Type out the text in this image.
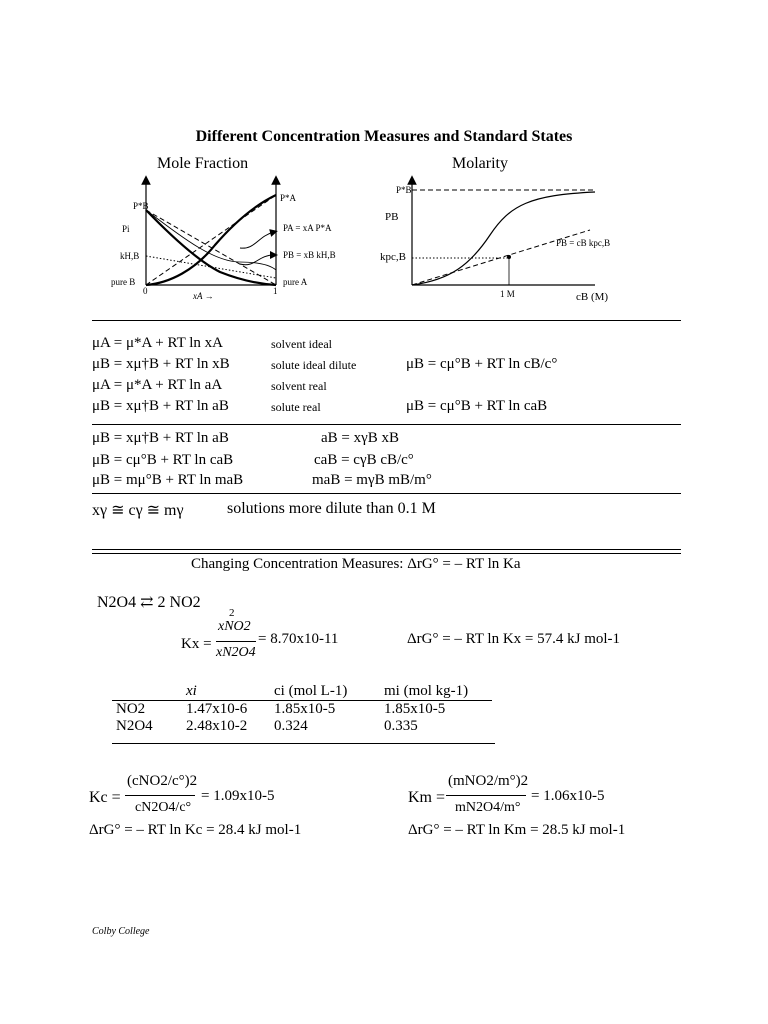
Different Concentration Measures and Standard States
Mole Fraction	Molarity
P*B
P*A
Pi
kH,B
pure B	pure A
0	1
xA →
PA = xA P*A
PB = xB kH,B
P*B
PB
kpc,B
PB = cB kpc,B
1 M	cB (M)
μA = μ*A + RT ln xA	solvent ideal
μB = xμ†B + RT ln xB	solute ideal dilute	μB = cμ°B + RT ln cB/c°
μA = μ*A + RT ln aA	solvent real
μB = xμ†B + RT ln aB	solute real	μB = cμ°B + RT ln caB
μB = xμ†B + RT ln aB	aB = xγB xB
μB = cμ°B + RT ln caB	caB = cγB cB/c°
μB = mμ°B + RT ln maB	maB = mγB mB/m°
xγ ≅ cγ ≅ mγ	solutions more dilute than 0.1 M
Changing Concentration Measures: ΔrG° = – RT ln Ka
N2O4 ⇄ 2 NO2
Kx =
2
xNO2
xN2O4
= 8.70x10-11	ΔrG° = – RT ln Kx = 57.4 kJ mol-1
	xi	ci (mol L-1)	mi (mol kg-1)
NO2	1.47x10-6	1.85x10-5	1.85x10-5
N2O4	2.48x10-2	0.324	0.335
Kc =
(cNO2/c°)2
cN2O4/c°
= 1.09x10-5
ΔrG° = – RT ln Kc = 28.4 kJ mol-1
Km =
(mNO2/m°)2
mN2O4/m°
= 1.06x10-5
ΔrG° = – RT ln Km = 28.5 kJ mol-1
Colby College
